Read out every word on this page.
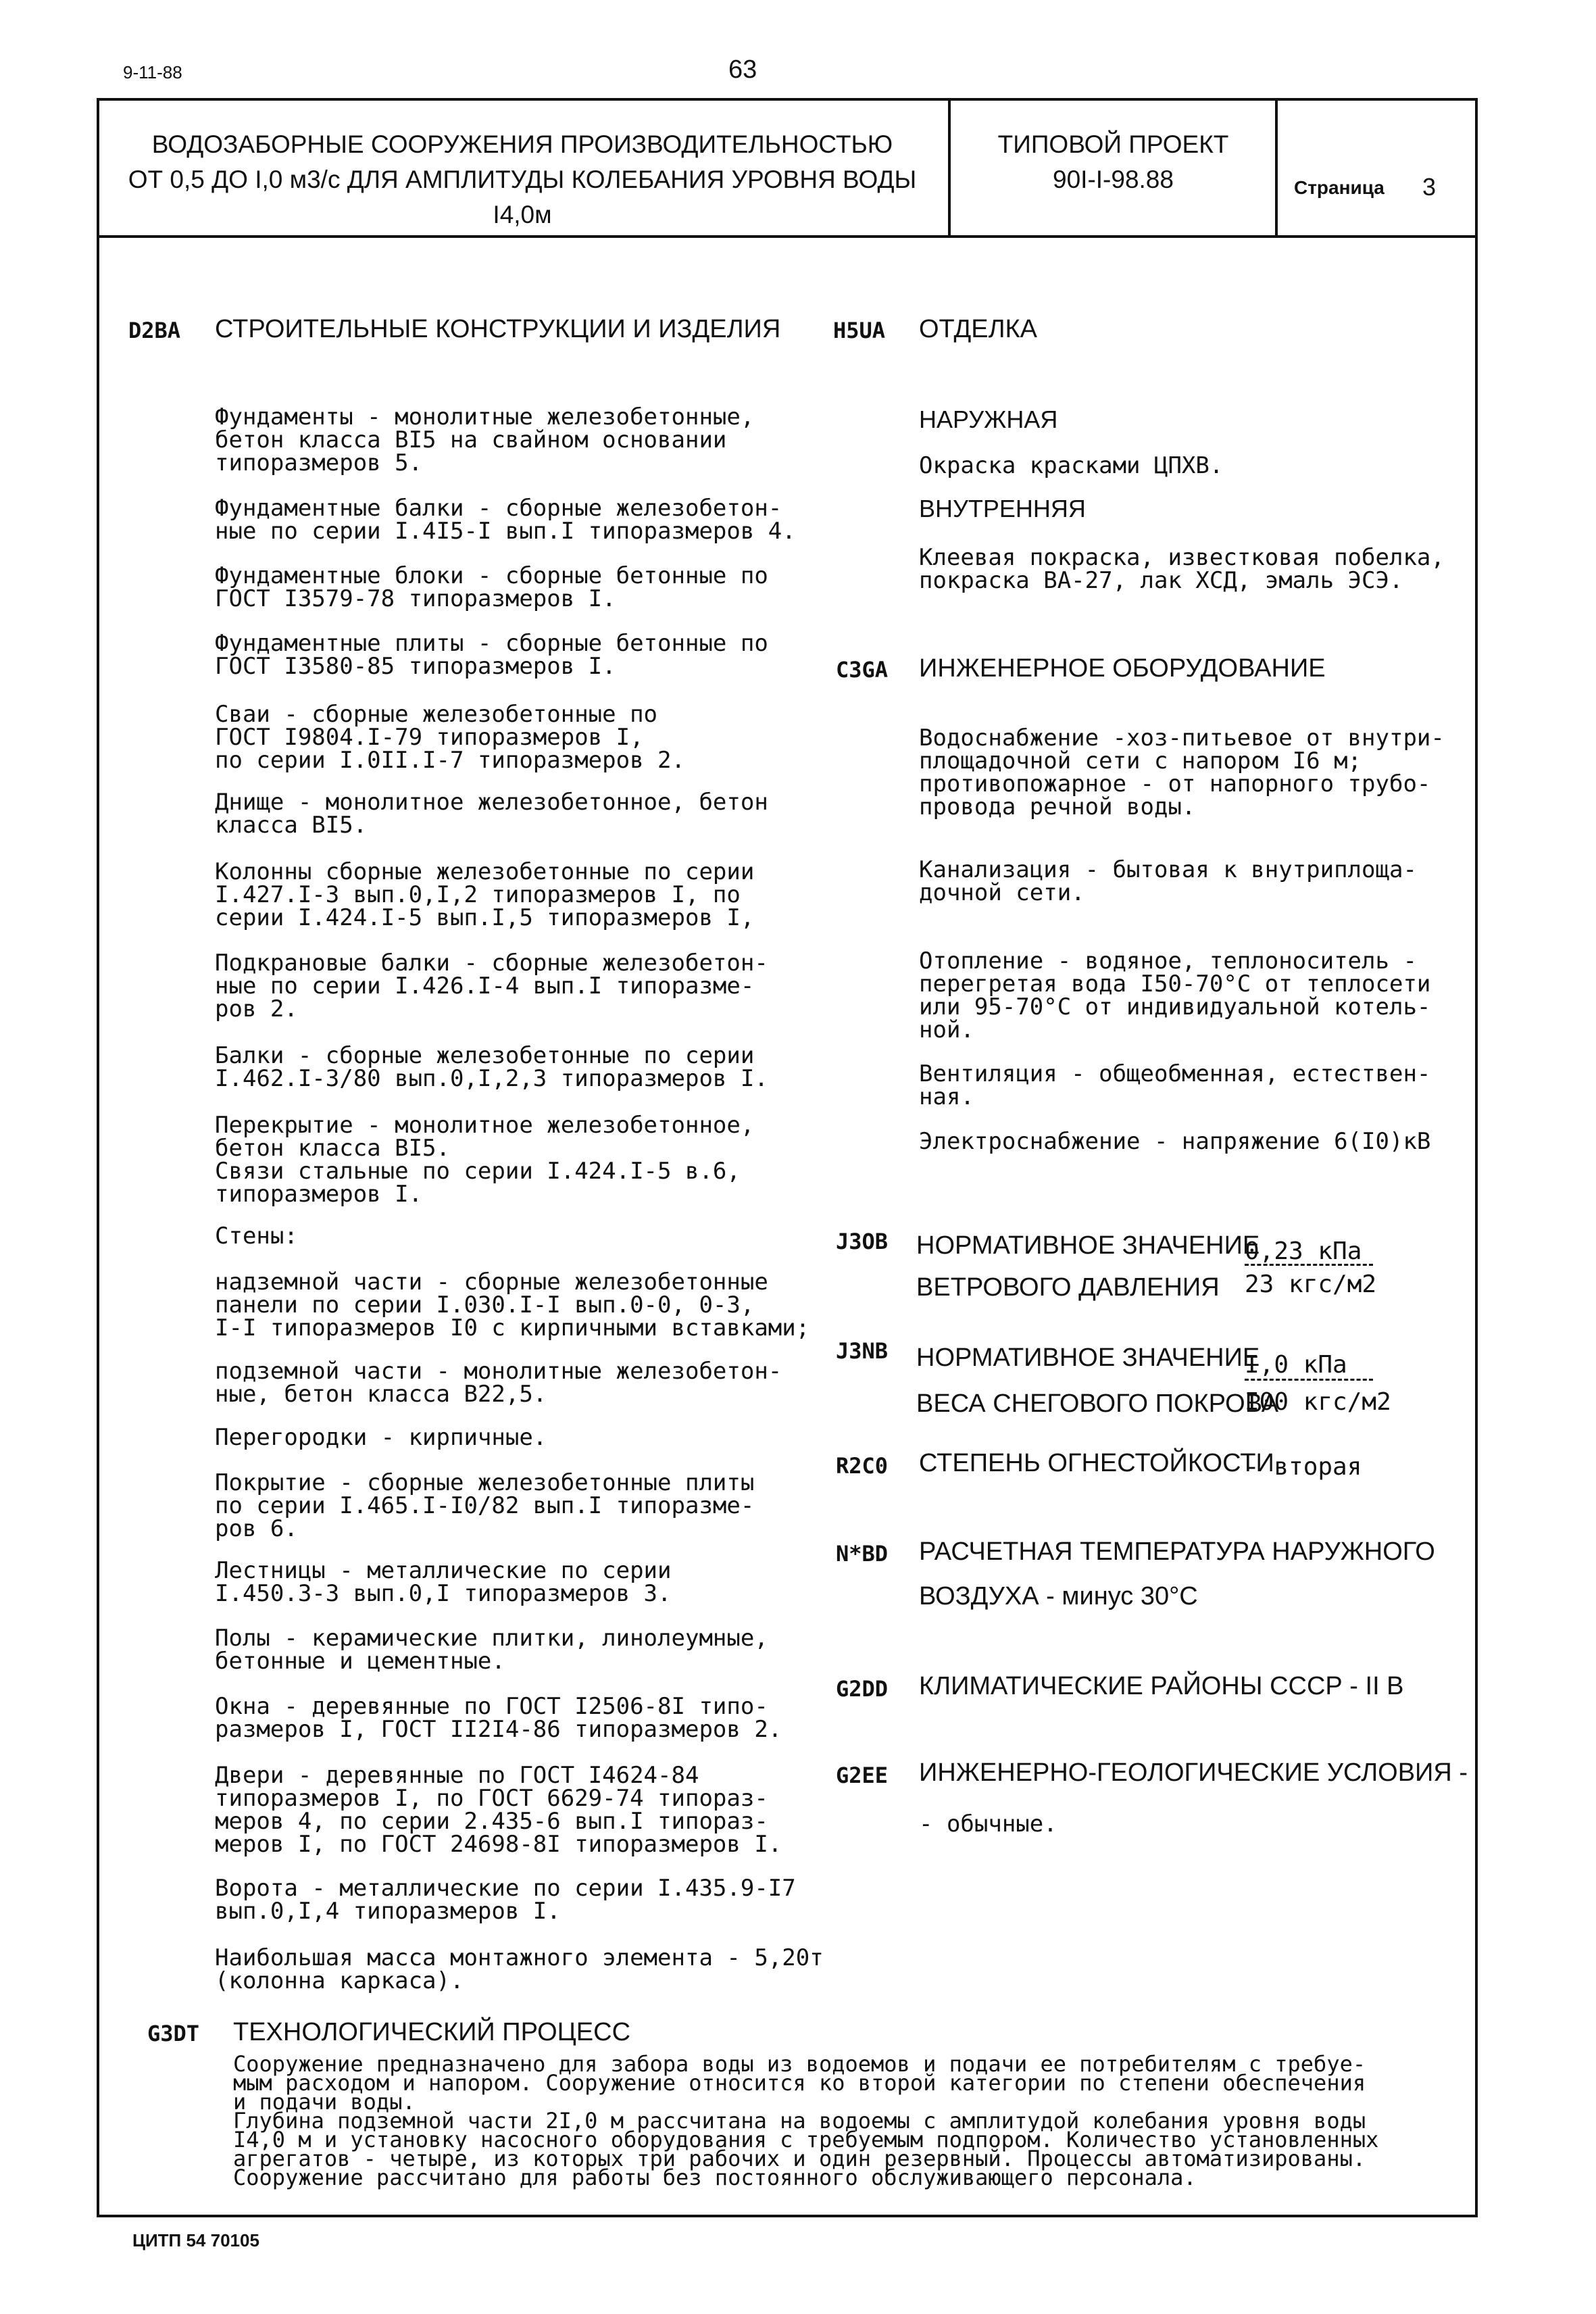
9-11-88	63
ВОДОЗАБОРНЫЕ СООРУЖЕНИЯ ПРОИЗВОДИТЕЛЬНОСТЬЮ
ОТ 0,5 ДО I,0 м3/с ДЛЯ АМПЛИТУДЫ КОЛЕБАНИЯ УРОВНЯ ВОДЫ I4,0м
ТИПОВОЙ ПРОЕКТ
90I-I-98.88	Страница 3
D2BA СТРОИТЕЛЬНЫЕ КОНСТРУКЦИИ И ИЗДЕЛИЯ
Фундаменты - монолитные железобетонные,
бетон класса BI5 на свайном основании
типоразмеров 5.
Фундаментные балки - сборные железобетон-
ные по серии I.4I5-I вып.I типоразмеров 4.
Фундаментные блоки - сборные бетонные по
ГОСТ I3579-78 типоразмеров I.
Фундаментные плиты - сборные бетонные по
ГОСТ I3580-85 типоразмеров I.
Сваи - сборные железобетонные по
ГОСТ I9804.I-79 типоразмеров I,
по серии I.0II.I-7 типоразмеров 2.
Днище - монолитное железобетонное, бетон
класса BI5.
Колонны сборные железобетонные по серии
I.427.I-3 вып.0,I,2 типоразмеров I, по
серии I.424.I-5 вып.I,5 типоразмеров I,
Подкрановые балки - сборные железобетон-
ные по серии I.426.I-4 вып.I типоразме-
ров 2.
Балки - сборные железобетонные по серии
I.462.I-3/80 вып.0,I,2,3 типоразмеров I.
Перекрытие - монолитное железобетонное,
бетон класса BI5.
Связи стальные по серии I.424.I-5 в.6,
типоразмеров I.
Стены:
надземной части - сборные железобетонные
панели по серии I.030.I-I вып.0-0, 0-3,
I-I типоразмеров I0 с кирпичными вставками;
подземной части - монолитные железобетон-
ные, бетон класса B22,5.
Перегородки - кирпичные.
Покрытие - сборные железобетонные плиты
по серии I.465.I-I0/82 вып.I типоразме-
ров 6.
Лестницы - металлические по серии
I.450.3-3 вып.0,I типоразмеров 3.
Полы - керамические плитки, линолеумные,
бетонные и цементные.
Окна - деревянные по ГОСТ I2506-8I типо-
размеров I, ГОСТ II2I4-86 типоразмеров 2.
Двери - деревянные по ГОСТ I4624-84
типоразмеров I, по ГОСТ 6629-74 типораз-
меров 4, по серии 2.435-6 вып.I типораз-
меров I, по ГОСТ 24698-8I типоразмеров I.
Ворота - металлические по серии I.435.9-I7
вып.0,I,4 типоразмеров I.
Наибольшая масса монтажного элемента - 5,20т
(колонна каркаса).
H5UA ОТДЕЛКА
НАРУЖНАЯ
Окраска красками ЦПХВ.
ВНУТРЕННЯЯ
Клеевая покраска, известковая побелка,
покраска ВА-27, лак ХСД, эмаль ЭСЭ.
C3GA ИНЖЕНЕРНОЕ ОБОРУДОВАНИЕ
Водоснабжение -хоз-питьевое от внутри-
площадочной сети с напором I6 м;
противопожарное - от напорного трубо-
провода речной воды.
Канализация - бытовая к внутриплоща-
дочной сети.
Отопление - водяное, теплоноситель -
перегретая вода I50-70°C от теплосети
или 95-70°C от индивидуальной котель-
ной.
Вентиляция - общеобменная, естествен-
ная.
Электроснабжение - напряжение 6(I0)кВ
J3OB НОРМАТИВНОЕ ЗНАЧЕНИЕ
ВЕТРОВОГО ДАВЛЕНИЯ
0,23 кПа
23 кгс/м2
J3NB НОРМАТИВНОЕ ЗНАЧЕНИЕ
ВЕСА СНЕГОВОГО ПОКРОВА
I,0 кПа
I00 кгс/м2
R2C0 СТЕПЕНЬ ОГНЕСТОЙКОСТИ
- вторая
N*BD РАСЧЕТНАЯ ТЕМПЕРАТУРА НАРУЖНОГО
ВОЗДУХА - минус 30°С
G2DD КЛИМАТИЧЕСКИЕ РАЙОНЫ СССР - II В
G2EE ИНЖЕНЕРНО-ГЕОЛОГИЧЕСКИЕ УСЛОВИЯ -
- обычные.
G3DT ТЕХНОЛОГИЧЕСКИЙ ПРОЦЕСС
Сооружение предназначено для забора воды из водоемов и подачи ее потребителям с требуе-
мым расходом и напором. Сооружение относится ко второй категории по степени обеспечения
и подачи воды.
Глубина подземной части 2I,0 м рассчитана на водоемы с амплитудой колебания уровня воды
I4,0 м и установку насосного оборудования с требуемым подпором. Количество установленных
агрегатов - четыре, из которых три рабочих и один резервный. Процессы автоматизированы.
Сооружение рассчитано для работы без постоянного обслуживающего персонала.
ЦИТП 54 70105
